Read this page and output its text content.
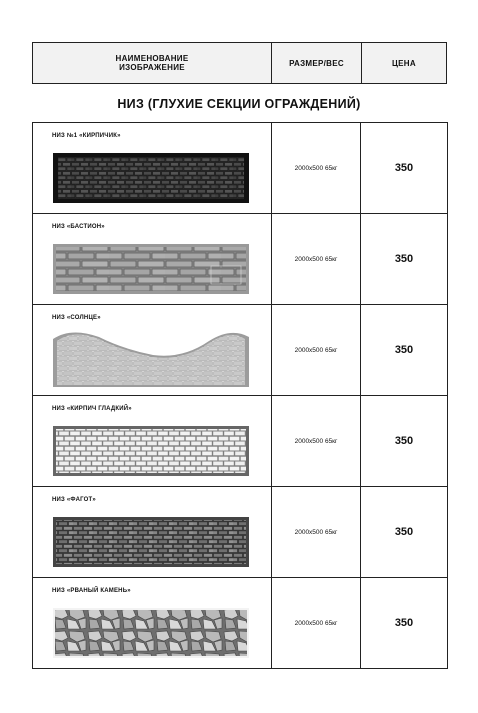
НАИМЕНОВАНИЕ
ИЗОБРАЖЕНИЕ	РАЗМЕР/ВЕС	ЦЕНА
НИЗ (ГЛУХИЕ СЕКЦИИ ОГРАЖДЕНИЙ)
НИЗ №1 «КИРПИЧИК»	2000х500 65кг	350

НИЗ «БАСТИОН»	2000х500 65кг	350

НИЗ «СОЛНЦЕ»	2000х500 65кг	350

НИЗ «КИРПИЧ ГЛАДКИЙ»	2000х500 65кг	350

НИЗ «ФАГОТ»	2000х500 65кг	350

НИЗ «РВАНЫЙ КАМЕНЬ»	2000х500 65кг	350
